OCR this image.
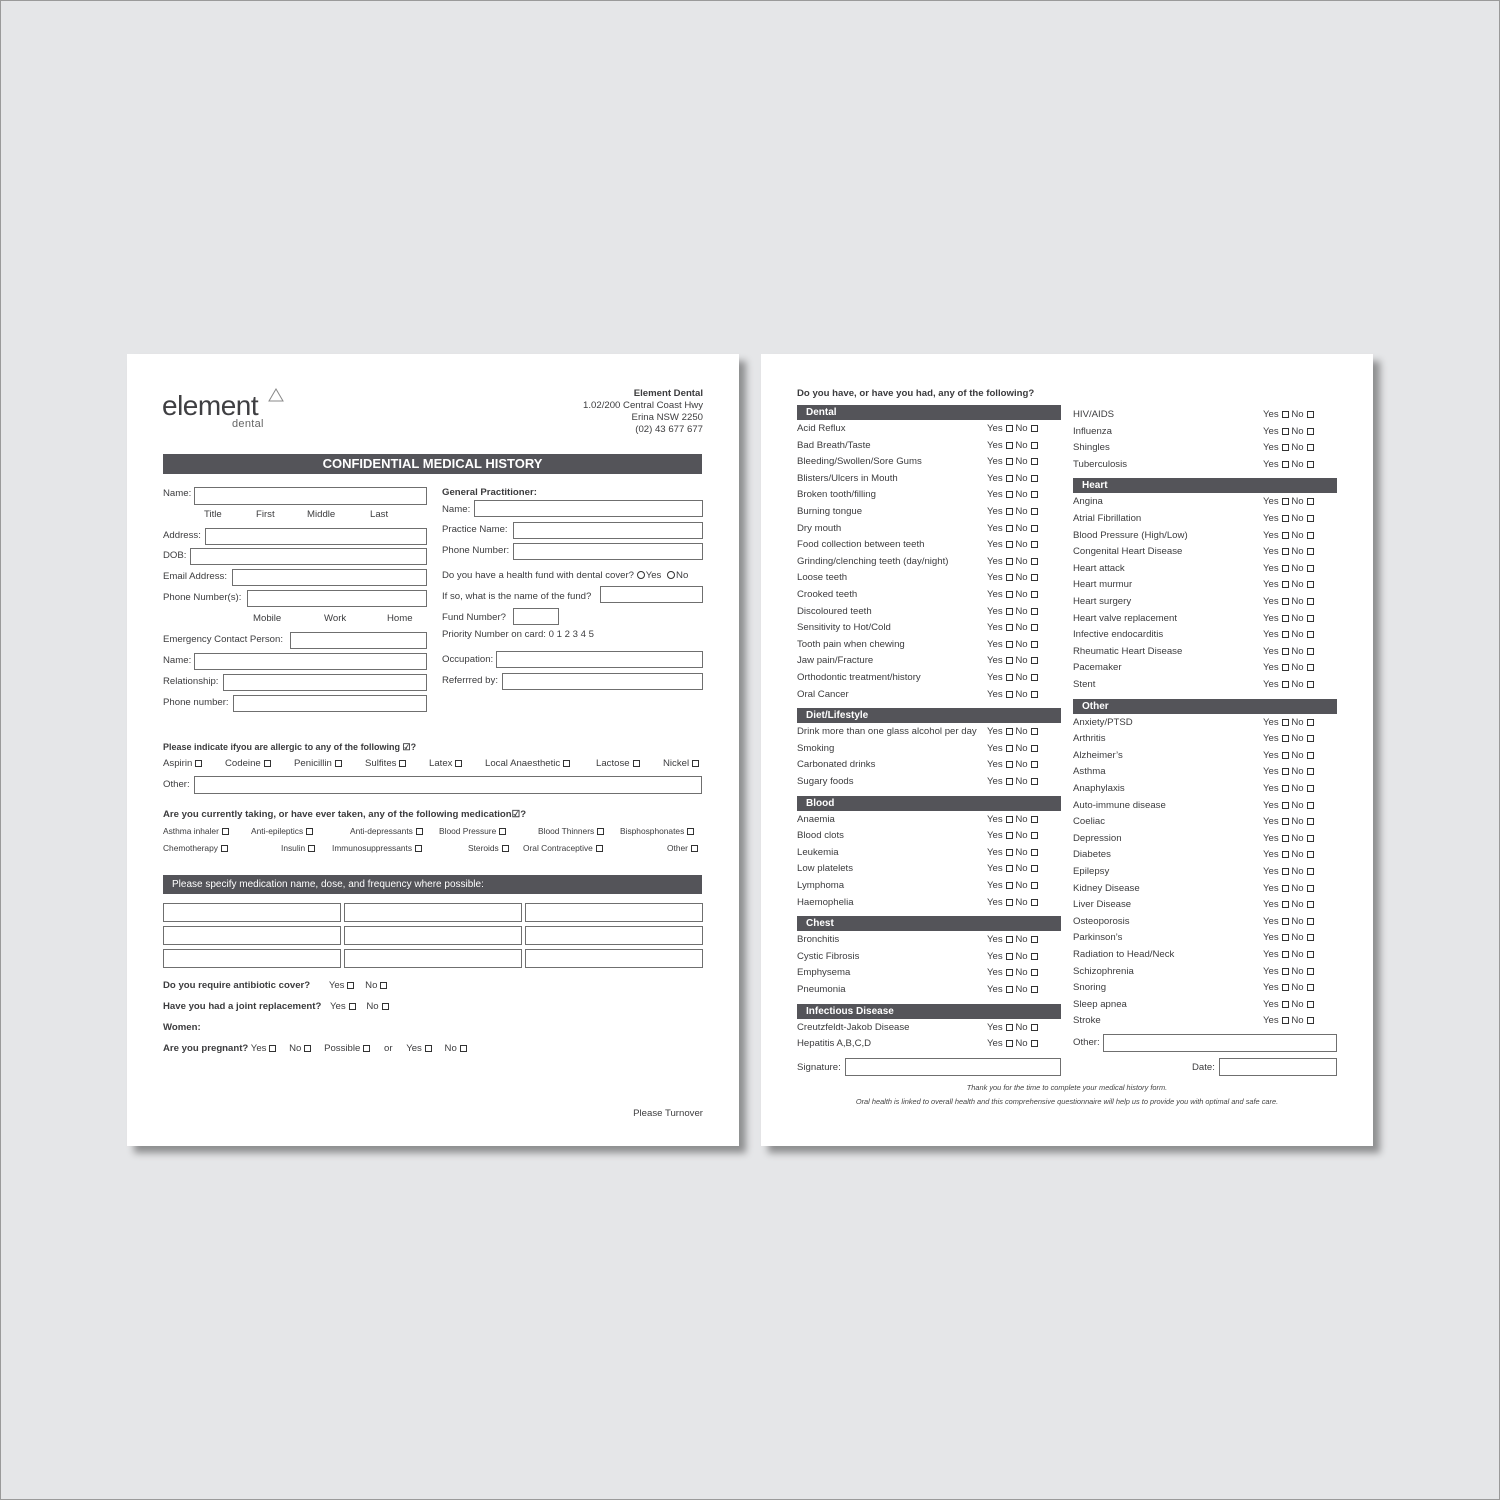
element
dental
Element Dental
1.02/200 Central Coast Hwy
Erina NSW 2250
(02) 43 677 677
CONFIDENTIAL MEDICAL HISTORY
Name:
Title	First	Middle	Last
Address:
DOB:
Email Address:
Phone Number(s):
Mobile	Work	Home
Emergency Contact Person:
Name:
Relationship:
Phone number:
General Practitioner:
Name:
Practice Name:
Phone Number:
Do you have a health fund with dental cover? Yes No
If so, what is the name of the fund?
Fund Number?
Priority Number on card: 0 1 2 3 4 5
Occupation:
Referrred by:
Please indicate ifyou are allergic to any of the following ☑?
Aspirin	Codeine	Penicillin	Sulfites	Latex	Local Anaesthetic	Lactose	Nickel
Other:
Are you currently taking, or have ever taken, any of the following medication☑?
Asthma inhaler	Anti-epileptics	Anti-depressants	Blood Pressure	Blood Thinners	Bisphosphonates
Chemotherapy	Insulin	Immunosuppressants	Steroids	Oral Contraceptive	Other
Please specify medication name, dose, and frequency where possible:
Do you require antibiotic cover? Yes No
Have you had a joint replacement? Yes No
Women:
Are you pregnant? Yes No Possible or Yes No
Please Turnover
Do you have, or have you had, any of the following?
Other:
Signature:	Date:
Thank you for the time to complete your medical history form.
Oral health is linked to overall health and this comprehensive questionnaire will help us to provide you with optimal and safe care.
Dental
Acid Reflux	Yes No
Bad Breath/Taste	Yes No
Bleeding/Swollen/Sore Gums	Yes No
Blisters/Ulcers in Mouth	Yes No
Broken tooth/filling	Yes No
Burning tongue	Yes No
Dry mouth	Yes No
Food collection between teeth	Yes No
Grinding/clenching teeth (day/night)	Yes No
Loose teeth	Yes No
Crooked teeth	Yes No
Discoloured teeth	Yes No
Sensitivity to Hot/Cold	Yes No
Tooth pain when chewing	Yes No
Jaw pain/Fracture	Yes No
Orthodontic treatment/history	Yes No
Oral Cancer	Yes No
Diet/Lifestyle
Drink more than one glass alcohol per day Yes No
Smoking	Yes No
Carbonated drinks	Yes No
Sugary foods	Yes No
Blood
Anaemia	Yes No
Blood clots	Yes No
Leukemia	Yes No
Low platelets	Yes No
Lymphoma	Yes No
Haemophelia	Yes No
Chest
Bronchitis	Yes No
Cystic Fibrosis	Yes No
Emphysema	Yes No
Pneumonia	Yes No
Infectious Disease
Creutzfeldt-Jakob Disease	Yes No
Hepatitis A,B,C,D	Yes No
HIV/AIDS	Yes No
Influenza	Yes No
Shingles	Yes No
Tuberculosis	Yes No
Heart
Angina	Yes No
Atrial Fibrillation	Yes No
Blood Pressure (High/Low)	Yes No
Congenital Heart Disease	Yes No
Heart attack	Yes No
Heart murmur	Yes No
Heart surgery	Yes No
Heart valve replacement	Yes No
Infective endocarditis	Yes No
Rheumatic Heart Disease	Yes No
Pacemaker	Yes No
Stent	Yes No
Other
Anxiety/PTSD	Yes No
Arthritis	Yes No
Alzheimer’s	Yes No
Asthma	Yes No
Anaphylaxis	Yes No
Auto-immune disease	Yes No
Coeliac	Yes No
Depression	Yes No
Diabetes	Yes No
Epilepsy	Yes No
Kidney Disease	Yes No
Liver Disease	Yes No
Osteoporosis	Yes No
Parkinson’s	Yes No
Radiation to Head/Neck	Yes No
Schizophrenia	Yes No
Snoring	Yes No
Sleep apnea	Yes No
Stroke	Yes No
